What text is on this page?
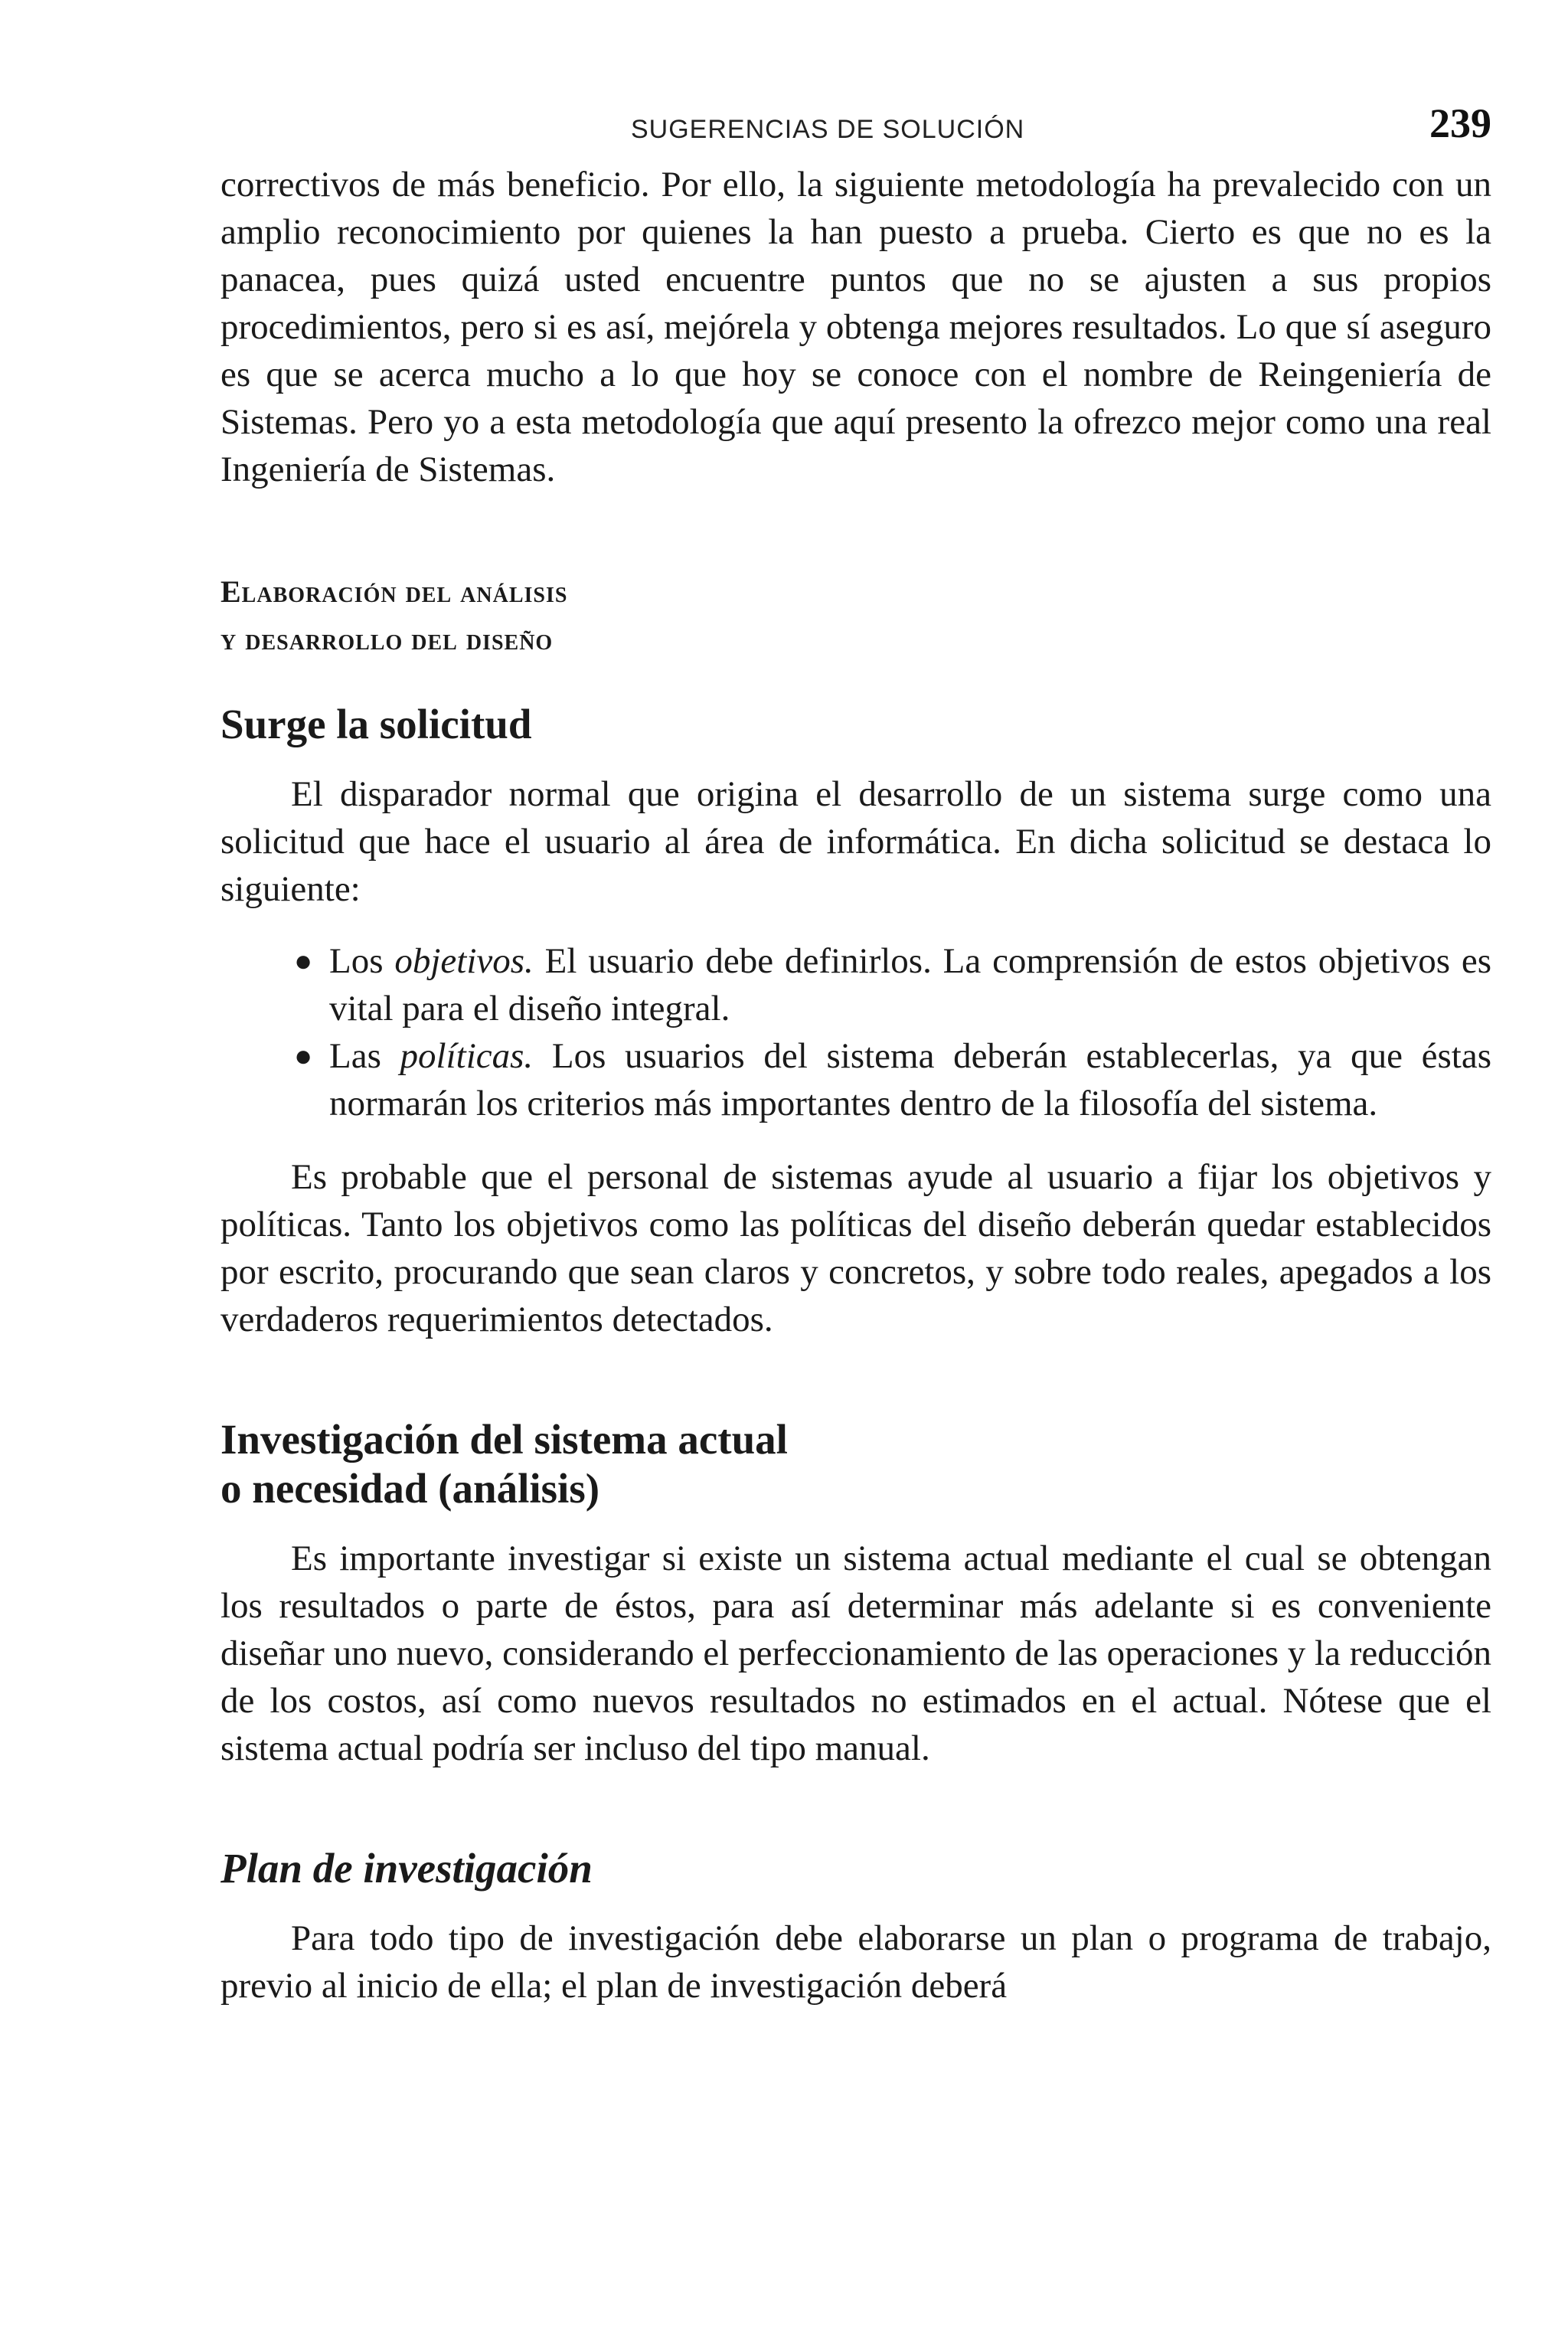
SUGERENCIAS DE SOLUCIÓN	239

correctivos de más beneficio. Por ello, la siguiente metodología ha prevalecido con un amplio reconocimiento por quienes la han puesto a prueba. Cierto es que no es la panacea, pues quizá usted encuentre puntos que no se ajusten a sus propios procedimientos, pero si es así, mejórela y obtenga mejores resultados. Lo que sí aseguro es que se acerca mucho a lo que hoy se conoce con el nombre de Reingeniería de Sistemas. Pero yo a esta metodología que aquí presento la ofrezco mejor como una real Ingeniería de Sistemas.

Elaboración del análisis
y desarrollo del diseño
Surge la solicitud

El disparador normal que origina el desarrollo de un sistema surge como una solicitud que hace el usuario al área de informática. En dicha solicitud se destaca lo siguiente:

● Los objetivos. El usuario debe definirlos. La comprensión de estos objetivos es vital para el diseño integral.
● Las políticas. Los usuarios del sistema deberán establecerlas, ya que éstas normarán los criterios más importantes dentro de la filosofía del sistema.

Es probable que el personal de sistemas ayude al usuario a fijar los objetivos y políticas. Tanto los objetivos como las políticas del diseño deberán quedar establecidos por escrito, procurando que sean claros y concretos, y sobre todo reales, apegados a los verdaderos requerimientos detectados.

Investigación del sistema actual
o necesidad (análisis)

Es importante investigar si existe un sistema actual mediante el cual se obtengan los resultados o parte de éstos, para así determinar más adelante si es conveniente diseñar uno nuevo, considerando el perfeccionamiento de las operaciones y la reducción de los costos, así como nuevos resultados no estimados en el actual. Nótese que el sistema actual podría ser incluso del tipo manual.

Plan de investigación

Para todo tipo de investigación debe elaborarse un plan o programa de trabajo, previo al inicio de ella; el plan de investigación deberá
